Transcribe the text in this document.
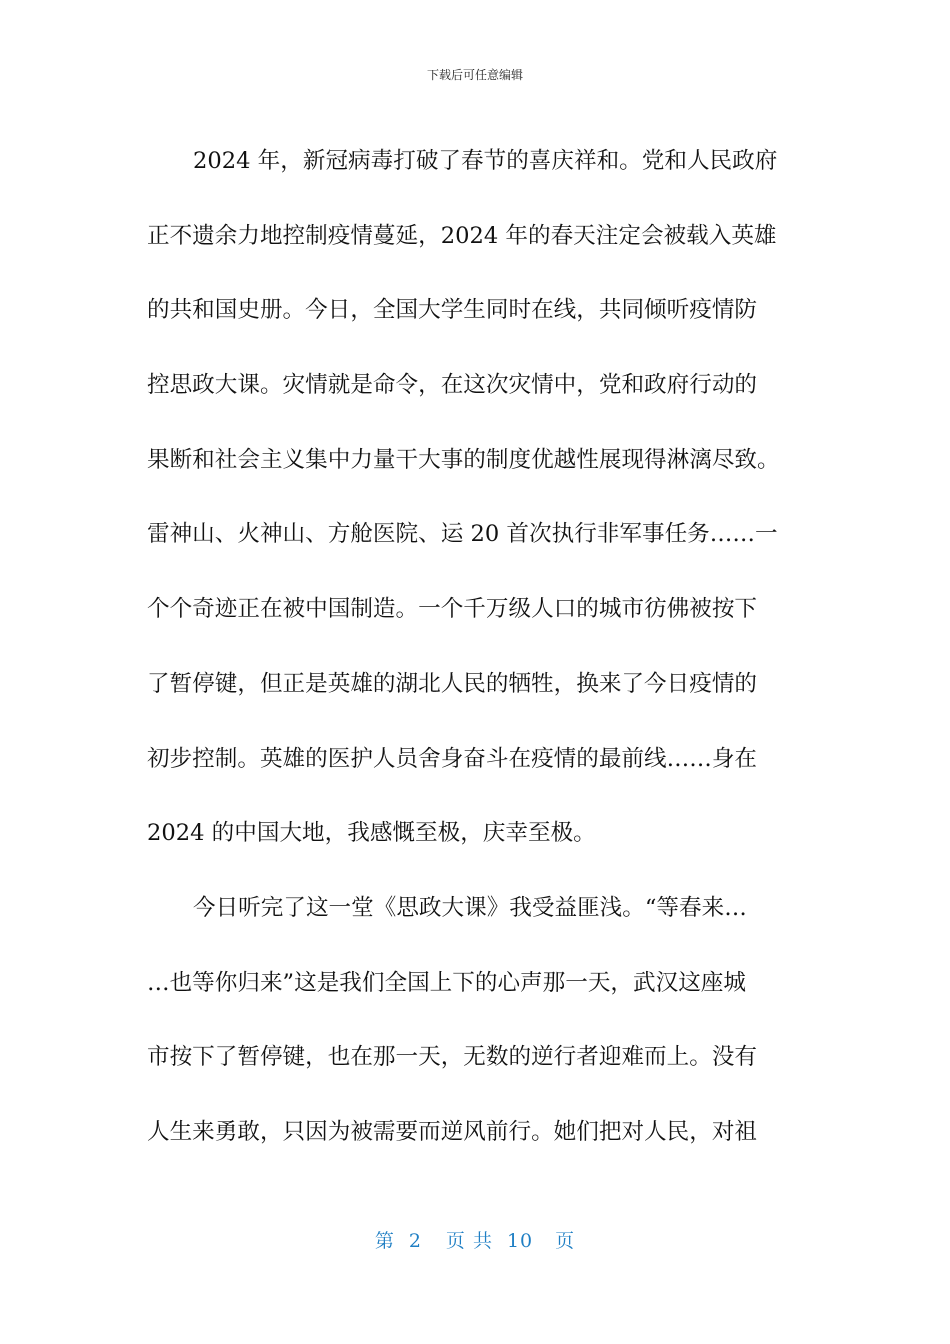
下载后可任意编辑
2024 年，新冠病毒打破了春节的喜庆祥和。党和人民政府
正不遗余力地控制疫情蔓延，2024 年的春天注定会被载入英雄
的共和国史册。今日，全国大学生同时在线，共同倾听疫情防
控思政大课。灾情就是命令，在这次灾情中，党和政府行动的
果断和社会主义集中力量干大事的制度优越性展现得淋漓尽致。
雷神山、火神山、方舱医院、运 20 首次执行非军事任务……一
个个奇迹正在被中国制造。一个千万级人口的城市彷佛被按下
了暂停键，但正是英雄的湖北人民的牺牲，换来了今日疫情的
初步控制。英雄的医护人员舍身奋斗在疫情的最前线……身在
2024 的中国大地，我感慨至极，庆幸至极。
今日听完了这一堂《思政大课》我受益匪浅。“等春来…
…也等你归来”这是我们全国上下的心声那一天，武汉这座城
市按下了暂停键，也在那一天，无数的逆行者迎难而上。没有
人生来勇敢，只因为被需要而逆风前行。她们把对人民，对祖
第 2 页 共 10 页
